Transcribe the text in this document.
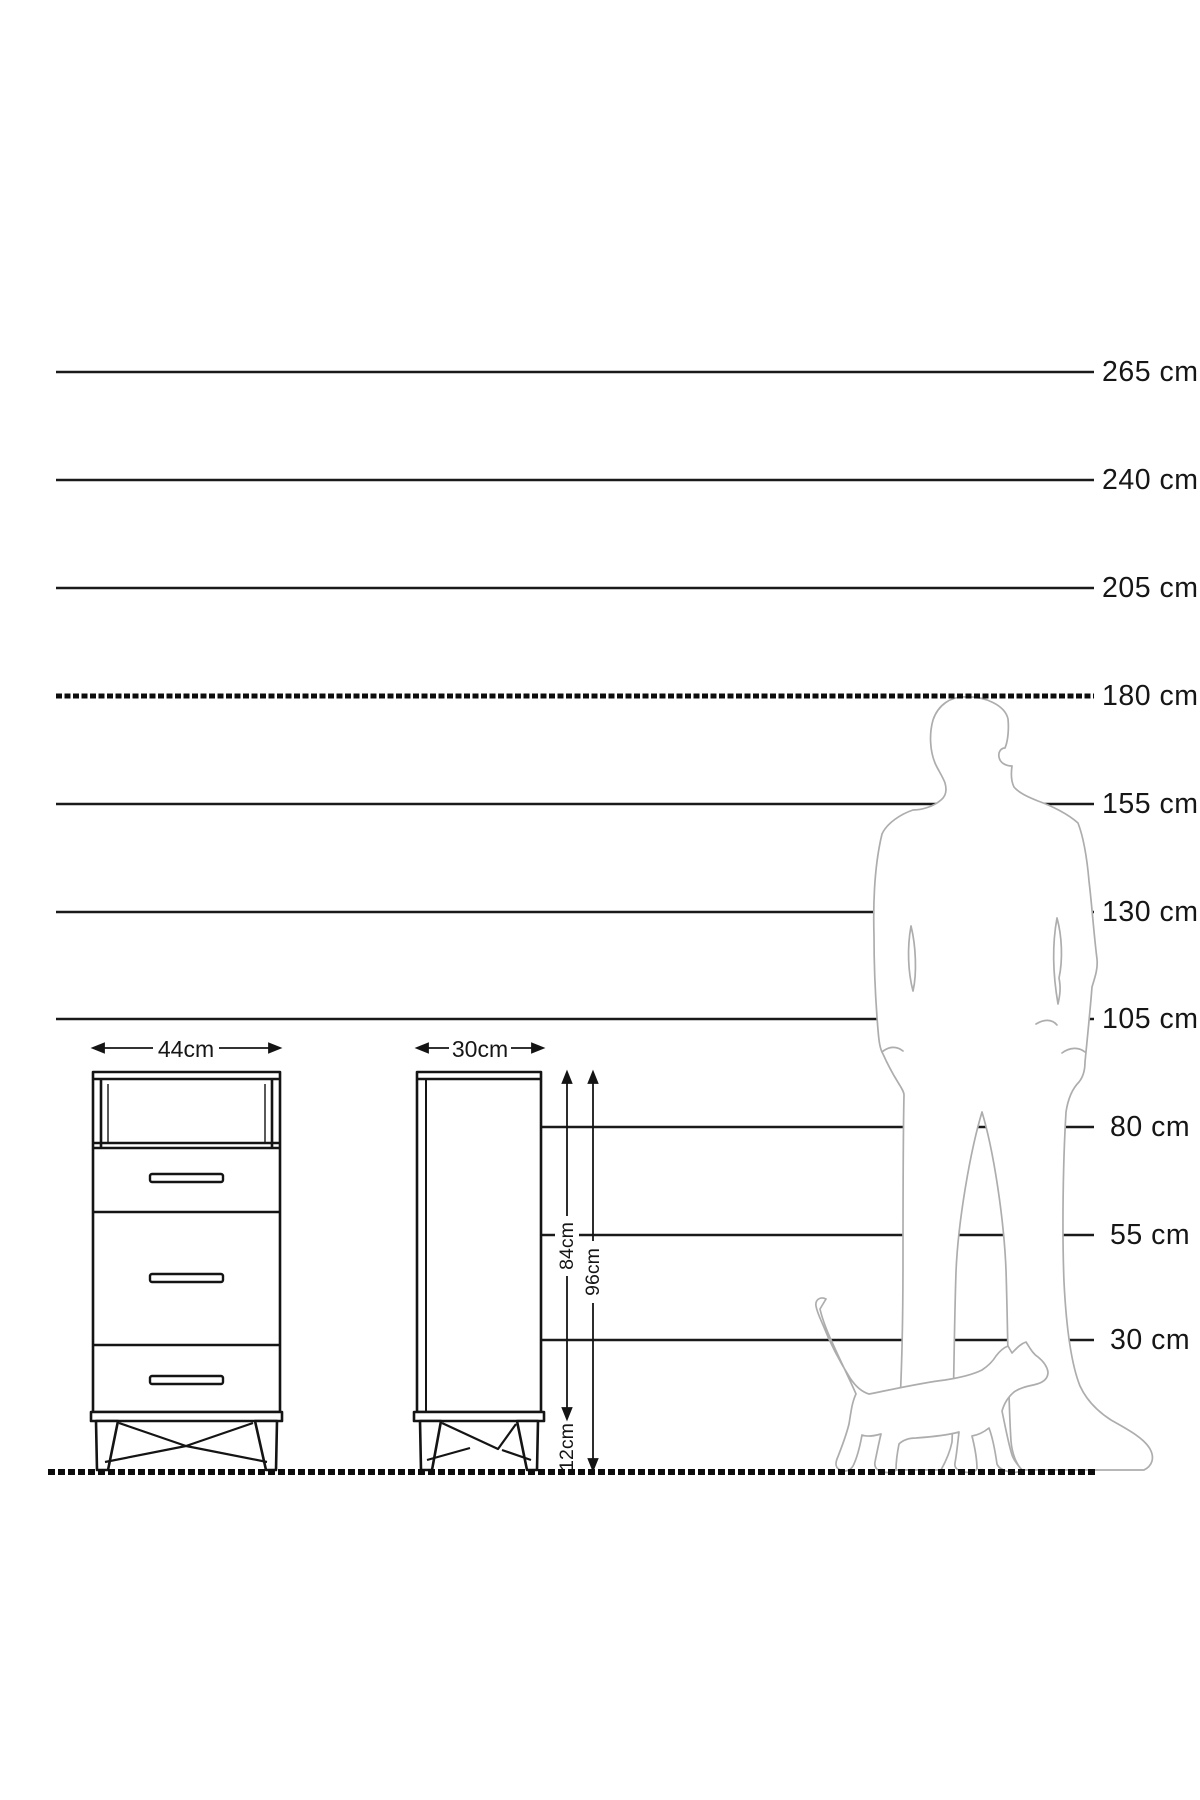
84cm
12cm
96cm
44cm	30cm
265 cm
240 cm
205 cm
180 cm
155 cm
130 cm
105 cm
80 cm
55 cm
30 cm
